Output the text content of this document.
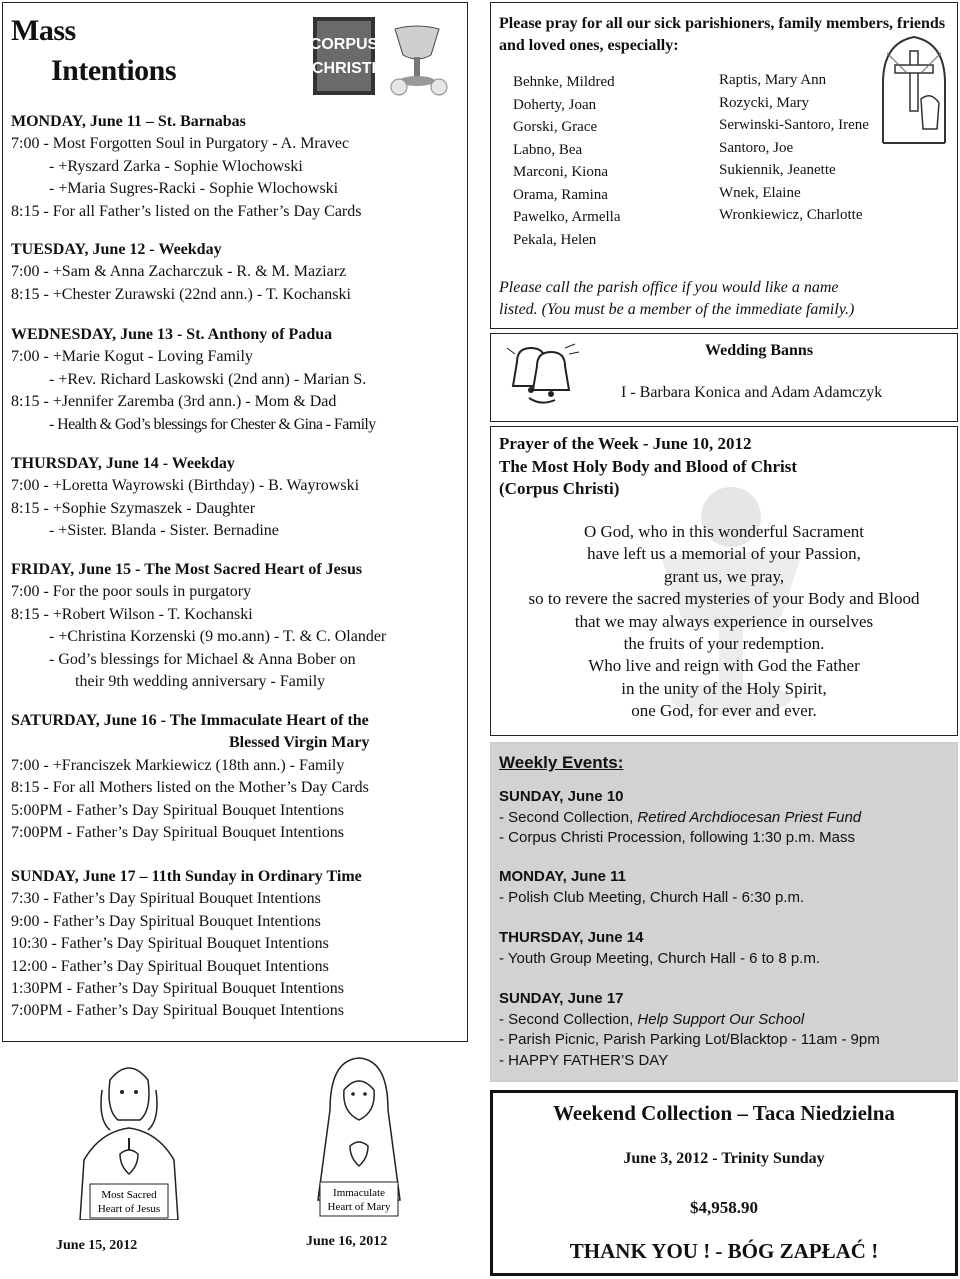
Mass
Intentions
CORPUS
CHRISTI
MONDAY, June 11 – St. Barnabas
7:00 - Most Forgotten Soul in Purgatory - A. Mravec
- +Ryszard Zarka - Sophie Wlochowski
- +Maria Sugres-Racki - Sophie Wlochowski
8:15 - For all Father’s listed on the Father’s Day Cards
TUESDAY, June 12 - Weekday
7:00 - +Sam & Anna Zacharczuk - R. & M. Maziarz
8:15 - +Chester Zurawski (22nd ann.) - T. Kochanski
WEDNESDAY, June 13 - St. Anthony of Padua
7:00 - +Marie Kogut - Loving Family
- +Rev. Richard Laskowski (2nd ann) - Marian S.
8:15 - +Jennifer Zaremba (3rd ann.) - Mom & Dad
- Health & God’s blessings for Chester & Gina - Family
THURSDAY, June 14 - Weekday
7:00 - +Loretta Wayrowski (Birthday) - B. Wayrowski
8:15 - +Sophie Szymaszek - Daughter
- +Sister. Blanda - Sister. Bernadine
FRIDAY, June 15 - The Most Sacred Heart of Jesus
7:00 - For the poor souls in purgatory
8:15 - +Robert Wilson - T. Kochanski
- +Christina Korzenski (9 mo.ann) - T. & C. Olander
- God’s blessings for Michael & Anna Bober on
their 9th wedding anniversary - Family
SATURDAY, June 16 - The Immaculate Heart of the
Blessed Virgin Mary
7:00 - +Franciszek Markiewicz (18th ann.) - Family
8:15 - For all Mothers listed on the Mother’s Day Cards
5:00PM - Father’s Day Spiritual Bouquet Intentions
7:00PM - Father’s Day Spiritual Bouquet Intentions
SUNDAY, June 17 – 11th Sunday in Ordinary Time
7:30 - Father’s Day Spiritual Bouquet Intentions
9:00 - Father’s Day Spiritual Bouquet Intentions
10:30 - Father’s Day Spiritual Bouquet Intentions
12:00 - Father’s Day Spiritual Bouquet Intentions
1:30PM - Father’s Day Spiritual Bouquet Intentions
7:00PM - Father’s Day Spiritual Bouquet Intentions
Please pray for all our sick parishioners, family members, friends and loved ones, especially:
Behnke, Mildred
Doherty, Joan
Gorski, Grace
Labno, Bea
Marconi, Kiona
Orama, Ramina
Pawelko, Armella
Pekala, Helen
Raptis, Mary Ann
Rozycki, Mary
Serwinski-Santoro, Irene
Santoro, Joe
Sukiennik, Jeanette
Wnek, Elaine
Wronkiewicz, Charlotte
Please call the parish office if you would like a name
listed. (You must be a member of the immediate family.)
Wedding Banns
I - Barbara Konica and Adam Adamczyk
Prayer of the Week - June 10, 2012
The Most Holy Body and Blood of Christ
(Corpus Christi)
O God, who in this wonderful Sacrament
have left us a memorial of your Passion,
grant us, we pray,
so to revere the sacred mysteries of your Body and Blood
that we may always experience in ourselves
the fruits of your redemption.
Who live and reign with God the Father
in the unity of the Holy Spirit,
one God, for ever and ever.
Weekly Events:
SUNDAY, June 10
- Second Collection, Retired Archdiocesan Priest Fund
- Corpus Christi Procession, following 1:30 p.m. Mass
MONDAY, June 11
- Polish Club Meeting, Church Hall - 6:30 p.m.
THURSDAY, June 14
- Youth Group Meeting, Church Hall - 6 to 8 p.m.
SUNDAY, June 17
- Second Collection, Help Support Our School
- Parish Picnic, Parish Parking Lot/Blacktop - 11am - 9pm
- HAPPY FATHER’S DAY
Weekend Collection – Taca Niedzielna
June 3, 2012 - Trinity Sunday
$4,958.90
THANK YOU ! - BÓG ZAPŁAĆ !
Most Sacred
Heart of Jesus
June 15, 2012
Immaculate
Heart of Mary
June 16, 2012
